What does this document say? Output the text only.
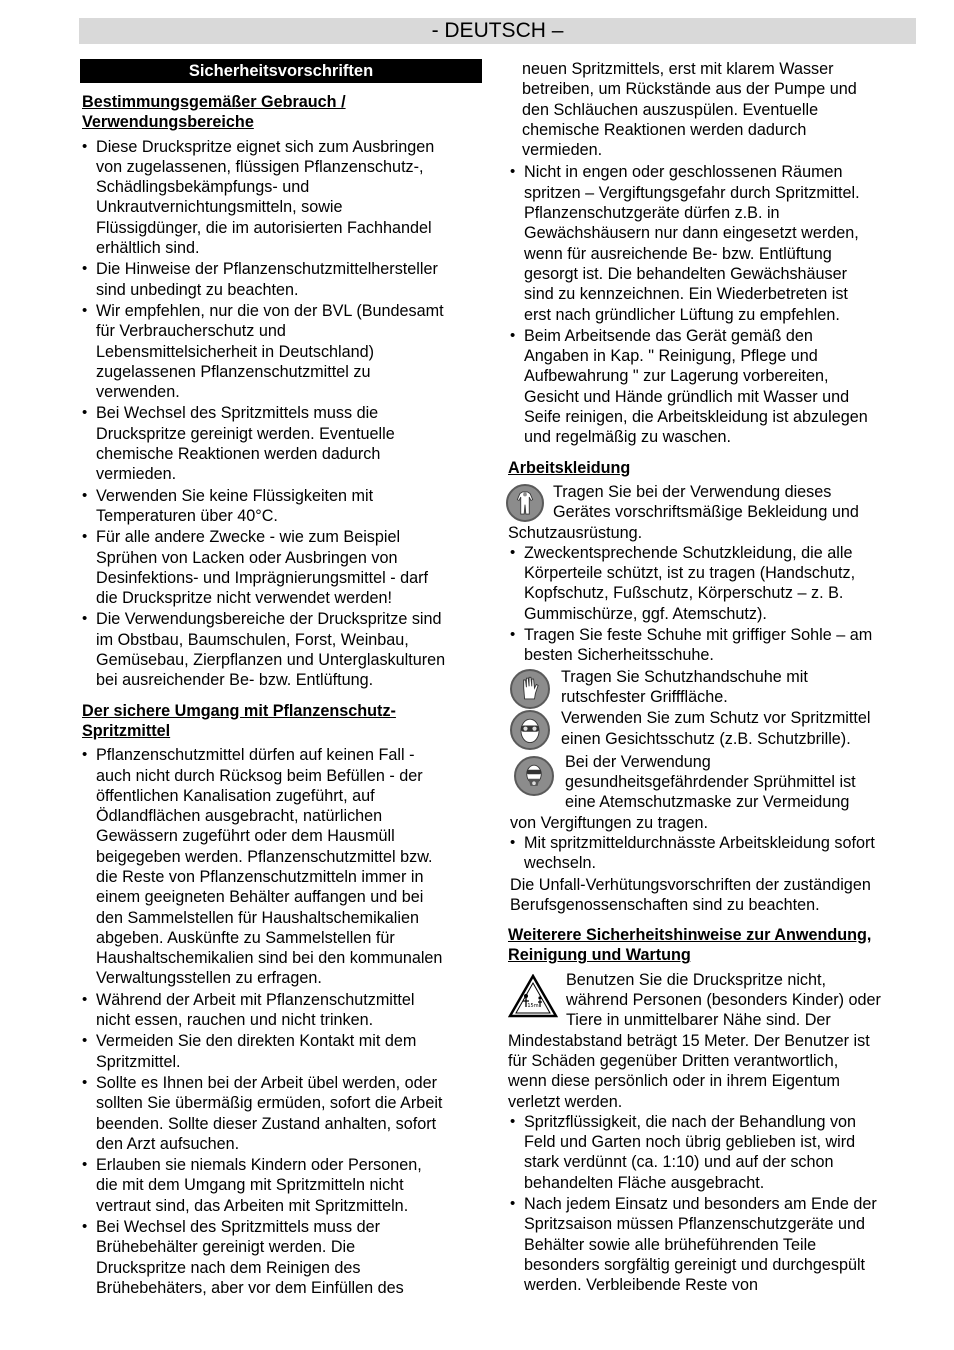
- DEUTSCH –
Sicherheitsvorschriften
Bestimmungsgemäßer Gebrauch /
Verwendungsbereiche
• Diese Druckspritze eignet sich zum Ausbringen
von zugelassenen, flüssigen Pflanzenschutz-,
Schädlingsbekämpfungs- und
Unkrautvernichtungsmitteln, sowie
Flüssigdünger, die im autorisierten Fachhandel
erhältlich sind.
• Die Hinweise der Pflanzenschutzmittelhersteller
sind unbedingt zu beachten.
• Wir empfehlen, nur die von der BVL (Bundesamt
für Verbraucherschutz und
Lebensmittelsicherheit in Deutschland)
zugelassenen Pflanzenschutzmittel zu
verwenden.
• Bei Wechsel des Spritzmittels muss die
Druckspritze gereinigt werden. Eventuelle
chemische Reaktionen werden dadurch
vermieden.
• Verwenden Sie keine Flüssigkeiten mit
Temperaturen über 40°C.
• Für alle andere Zwecke - wie zum Beispiel
Sprühen von Lacken oder Ausbringen von
Desinfektions- und Imprägnierungsmittel - darf
die Druckspritze nicht verwendet werden!
• Die Verwendungsbereiche der Druckspritze sind
im Obstbau, Baumschulen, Forst, Weinbau,
Gemüsebau, Zierpflanzen und Unterglaskulturen
bei ausreichender Be- bzw. Entlüftung.
Der sichere Umgang mit Pflanzenschutz-
Spritzmittel
• Pflanzenschutzmittel dürfen auf keinen Fall -
auch nicht durch Rücksog beim Befüllen - der
öffentlichen Kanalisation zugeführt, auf
Ödlandflächen ausgebracht, natürlichen
Gewässern zugeführt oder dem Hausmüll
beigegeben werden. Pflanzenschutzmittel bzw.
die Reste von Pflanzenschutzmitteln immer in
einem geeigneten Behälter auffangen und bei
den Sammelstellen für Haushaltschemikalien
abgeben. Auskünfte zu Sammelstellen für
Haushaltschemikalien sind bei den kommunalen
Verwaltungsstellen zu erfragen.
• Während der Arbeit mit Pflanzenschutzmittel
nicht essen, rauchen und nicht trinken.
• Vermeiden Sie den direkten Kontakt mit dem
Spritzmittel.
• Sollte es Ihnen bei der Arbeit übel werden, oder
sollten Sie übermäßig ermüden, sofort die Arbeit
beenden. Sollte dieser Zustand anhalten, sofort
den Arzt aufsuchen.
• Erlauben sie niemals Kindern oder Personen,
die mit dem Umgang mit Spritzmitteln nicht
vertraut sind, das Arbeiten mit Spritzmitteln.
• Bei Wechsel des Spritzmittels muss der
Brühebehälter gereinigt werden. Die
Druckspritze nach dem Reinigen des
Brühebehäters, aber vor dem Einfüllen des
neuen Spritzmittels, erst mit klarem Wasser
betreiben, um Rückstände aus der Pumpe und
den Schläuchen auszuspülen. Eventuelle
chemische Reaktionen werden dadurch
vermieden.
• Nicht in engen oder geschlossenen Räumen
spritzen – Vergiftungsgefahr durch Spritzmittel.
Pflanzenschutzgeräte dürfen z.B. in
Gewächshäusern nur dann eingesetzt werden,
wenn für ausreichende Be- bzw. Entlüftung
gesorgt ist. Die behandelten Gewächshäuser
sind zu kennzeichnen. Ein Wiederbetreten ist
erst nach gründlicher Lüftung zu empfehlen.
• Beim Arbeitsende das Gerät gemäß den
Angaben in Kap. " Reinigung, Pflege und
Aufbewahrung " zur Lagerung vorbereiten,
Gesicht und Hände gründlich mit Wasser und
Seife reinigen, die Arbeitskleidung ist abzulegen
und regelmäßig zu waschen.
Arbeitskleidung
Tragen Sie bei der Verwendung dieses
Gerätes vorschriftsmäßige Bekleidung und
Schutzausrüstung.
• Zweckentsprechende Schutzkleidung, die alle
Körperteile schützt, ist zu tragen (Handschutz,
Kopfschutz, Fußschutz, Körperschutz – z. B.
Gummischürze, ggf. Atemschutz).
• Tragen Sie feste Schuhe mit griffiger Sohle – am
besten Sicherheitsschuhe.
Tragen Sie Schutzhandschuhe mit
rutschfester Grifffläche.
Verwenden Sie zum Schutz vor Spritzmittel
einen Gesichtsschutz (z.B. Schutzbrille).
Bei der Verwendung
gesundheitsgefährdender Sprühmittel ist
eine Atemschutzmaske zur Vermeidung
von Vergiftungen zu tragen.
• Mit spritzmitteldurchnässte Arbeitskleidung sofort
wechseln.
Die Unfall-Verhütungsvorschriften der zuständigen
Berufsgenossenschaften sind zu beachten.
Weiterere Sicherheitshinweise zur Anwendung,
Reinigung und Wartung
15m
Benutzen Sie die Druckspritze nicht,
während Personen (besonders Kinder) oder
Tiere in unmittelbarer Nähe sind. Der
Mindestabstand beträgt 15 Meter. Der Benutzer ist
für Schäden gegenüber Dritten verantwortlich,
wenn diese persönlich oder in ihrem Eigentum
verletzt werden.
• Spritzflüssigkeit, die nach der Behandlung von
Feld und Garten noch übrig geblieben ist, wird
stark verdünnt (ca. 1:10) und auf der schon
behandelten Fläche ausgebracht.
• Nach jedem Einsatz und besonders am Ende der
Spritzsaison müssen Pflanzenschutzgeräte und
Behälter sowie alle brüheführenden Teile
besonders sorgfältig gereinigt und durchgespült
werden. Verbleibende Reste von
